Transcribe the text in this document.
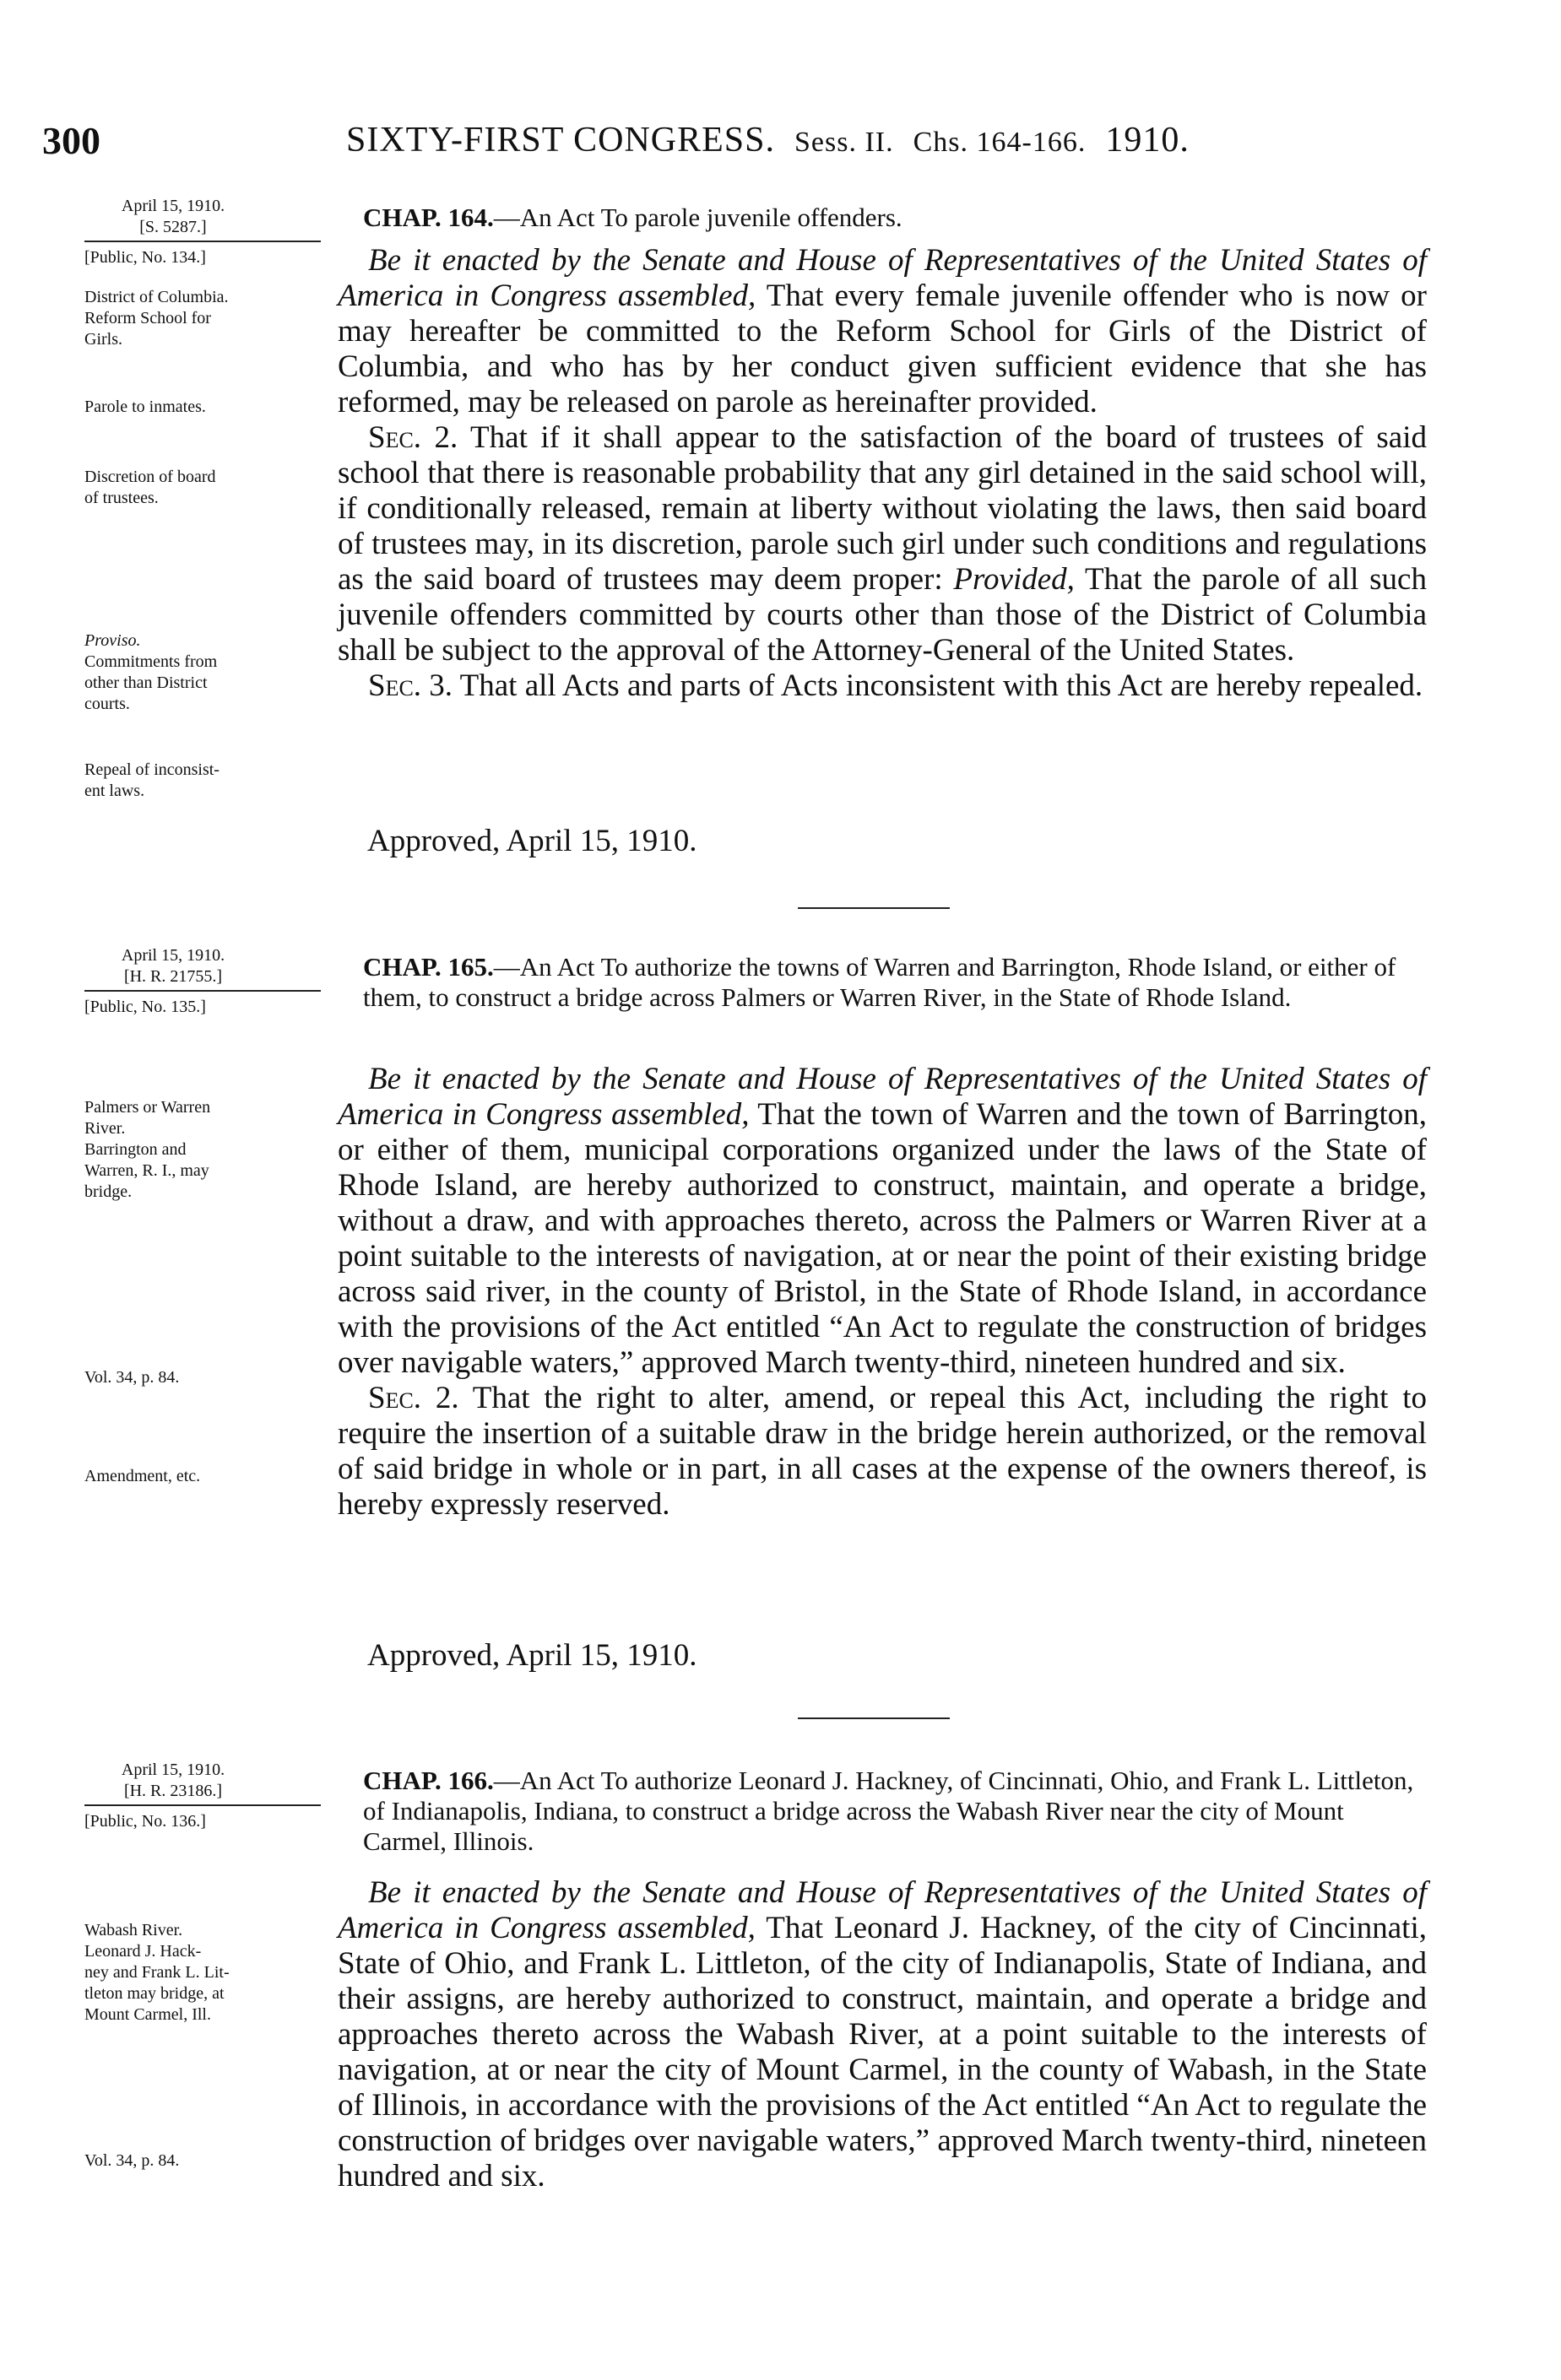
300	SIXTY-FIRST CONGRESS. Sess. II. Chs. 164-166. 1910.
April 15, 1910.
[S. 5287.]
[Public, No. 134.]
District of Columbia.
Reform School for
Girls.
Parole to inmates.
Discretion of board
of trustees.
Proviso.
Commitments from
other than District
courts.
Repeal of inconsist-
ent laws.
CHAP. 164.—An Act To parole juvenile offenders.

Be it enacted by the Senate and House of Representatives of the United States of America in Congress assembled, That every female juvenile offender who is now or may hereafter be committed to the Reform School for Girls of the District of Columbia, and who has by her conduct given sufficient evidence that she has reformed, may be released on parole as hereinafter provided.

Sec. 2. That if it shall appear to the satisfaction of the board of trustees of said school that there is reasonable probability that any girl detained in the said school will, if conditionally released, remain at liberty without violating the laws, then said board of trustees may, in its discretion, parole such girl under such conditions and regulations as the said board of trustees may deem proper: Provided, That the parole of all such juvenile offenders committed by courts other than those of the District of Columbia shall be subject to the approval of the Attorney-General of the United States.

Sec. 3. That all Acts and parts of Acts inconsistent with this Act are hereby repealed.

Approved, April 15, 1910.
April 15, 1910.
[H. R. 21755.]
[Public, No. 135.]
Palmers or Warren
River.
Barrington and
Warren, R. I., may
bridge.
Vol. 34, p. 84.
Amendment, etc.
CHAP. 165.—An Act To authorize the towns of Warren and Barrington, Rhode Island, or either of them, to construct a bridge across Palmers or Warren River, in the State of Rhode Island.

Be it enacted by the Senate and House of Representatives of the United States of America in Congress assembled, That the town of Warren and the town of Barrington, or either of them, municipal corporations organized under the laws of the State of Rhode Island, are hereby authorized to construct, maintain, and operate a bridge, without a draw, and with approaches thereto, across the Palmers or Warren River at a point suitable to the interests of navigation, at or near the point of their existing bridge across said river, in the county of Bristol, in the State of Rhode Island, in accordance with the provisions of the Act entitled “An Act to regulate the construction of bridges over navigable waters,” approved March twenty-third, nineteen hundred and six.

Sec. 2. That the right to alter, amend, or repeal this Act, including the right to require the insertion of a suitable draw in the bridge herein authorized, or the removal of said bridge in whole or in part, in all cases at the expense of the owners thereof, is hereby expressly reserved.

Approved, April 15, 1910.
April 15, 1910.
[H. R. 23186.]
[Public, No. 136.]
Wabash River.
Leonard J. Hack-
ney and Frank L. Lit-
tleton may bridge, at
Mount Carmel, Ill.
Vol. 34, p. 84.
CHAP. 166.—An Act To authorize Leonard J. Hackney, of Cincinnati, Ohio, and Frank L. Littleton, of Indianapolis, Indiana, to construct a bridge across the Wabash River near the city of Mount Carmel, Illinois.

Be it enacted by the Senate and House of Representatives of the United States of America in Congress assembled, That Leonard J. Hackney, of the city of Cincinnati, State of Ohio, and Frank L. Littleton, of the city of Indianapolis, State of Indiana, and their assigns, are hereby authorized to construct, maintain, and operate a bridge and approaches thereto across the Wabash River, at a point suitable to the interests of navigation, at or near the city of Mount Carmel, in the county of Wabash, in the State of Illinois, in accordance with the provisions of the Act entitled “An Act to regulate the construction of bridges over navigable waters,” approved March twenty-third, nineteen hundred and six.
